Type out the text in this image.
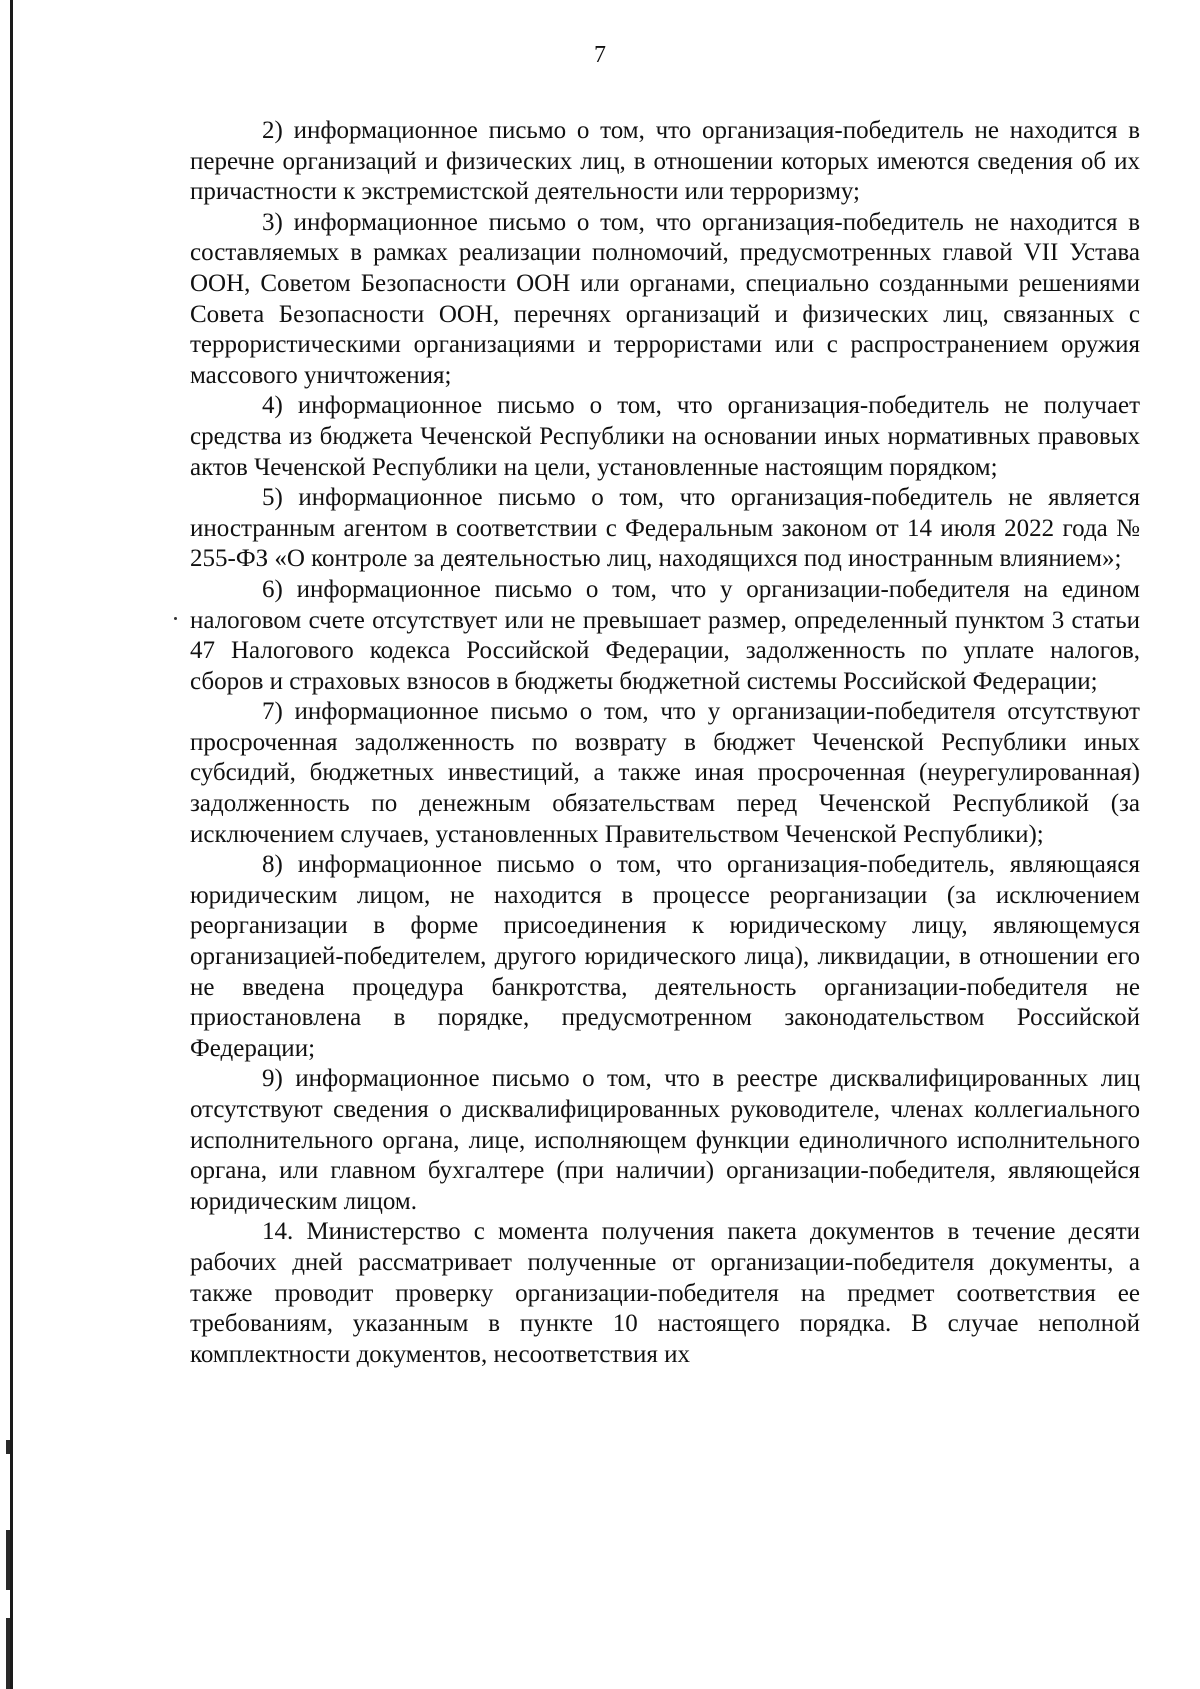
7

2) информационное письмо о том, что организация-победитель не находится в перечне организаций и физических лиц, в отношении которых имеются сведения об их причастности к экстремистской деятельности или терроризму;

3) информационное письмо о том, что организация-победитель не находится в составляемых в рамках реализации полномочий, предусмотренных главой VII Устава ООН, Советом Безопасности ООН или органами, специально созданными решениями Совета Безопасности ООН, перечнях организаций и физических лиц, связанных с террористическими организациями и террористами или с распространением оружия массового уничтожения;

4) информационное письмо о том, что организация-победитель не получает средства из бюджета Чеченской Республики на основании иных нормативных правовых актов Чеченской Республики на цели, установленные настоящим порядком;

5) информационное письмо о том, что организация-победитель не является иностранным агентом в соответствии с Федеральным законом от 14 июля 2022 года № 255-ФЗ «О контроле за деятельностью лиц, находящихся под иностранным влиянием»;

6) информационное письмо о том, что у организации-победителя на едином налоговом счете отсутствует или не превышает размер, определенный пунктом 3 статьи 47 Налогового кодекса Российской Федерации, задолженность по уплате налогов, сборов и страховых взносов в бюджеты бюджетной системы Российской Федерации;

7) информационное письмо о том, что у организации-победителя отсутствуют просроченная задолженность по возврату в бюджет Чеченской Республики иных субсидий, бюджетных инвестиций, а также иная просроченная (неурегулированная) задолженность по денежным обязательствам перед Чеченской Республикой (за исключением случаев, установленных Правительством Чеченской Республики);

8) информационное письмо о том, что организация-победитель, являющаяся юридическим лицом, не находится в процессе реорганизации (за исключением реорганизации в форме присоединения к юридическому лицу, являющемуся организацией-победителем, другого юридического лица), ликвидации, в отношении его не введена процедура банкротства, деятельность организации-победителя не приостановлена в порядке, предусмотренном законодательством Российской Федерации;

9) информационное письмо о том, что в реестре дисквалифицированных лиц отсутствуют сведения о дисквалифицированных руководителе, членах коллегиального исполнительного органа, лице, исполняющем функции единоличного исполнительного органа, или главном бухгалтере (при наличии) организации-победителя, являющейся юридическим лицом.

14. Министерство с момента получения пакета документов в течение десяти рабочих дней рассматривает полученные от организации-победителя документы, а также проводит проверку организации-победителя на предмет соответствия ее требованиям, указанным в пункте 10 настоящего порядка. В случае неполной комплектности документов, несоответствия их
